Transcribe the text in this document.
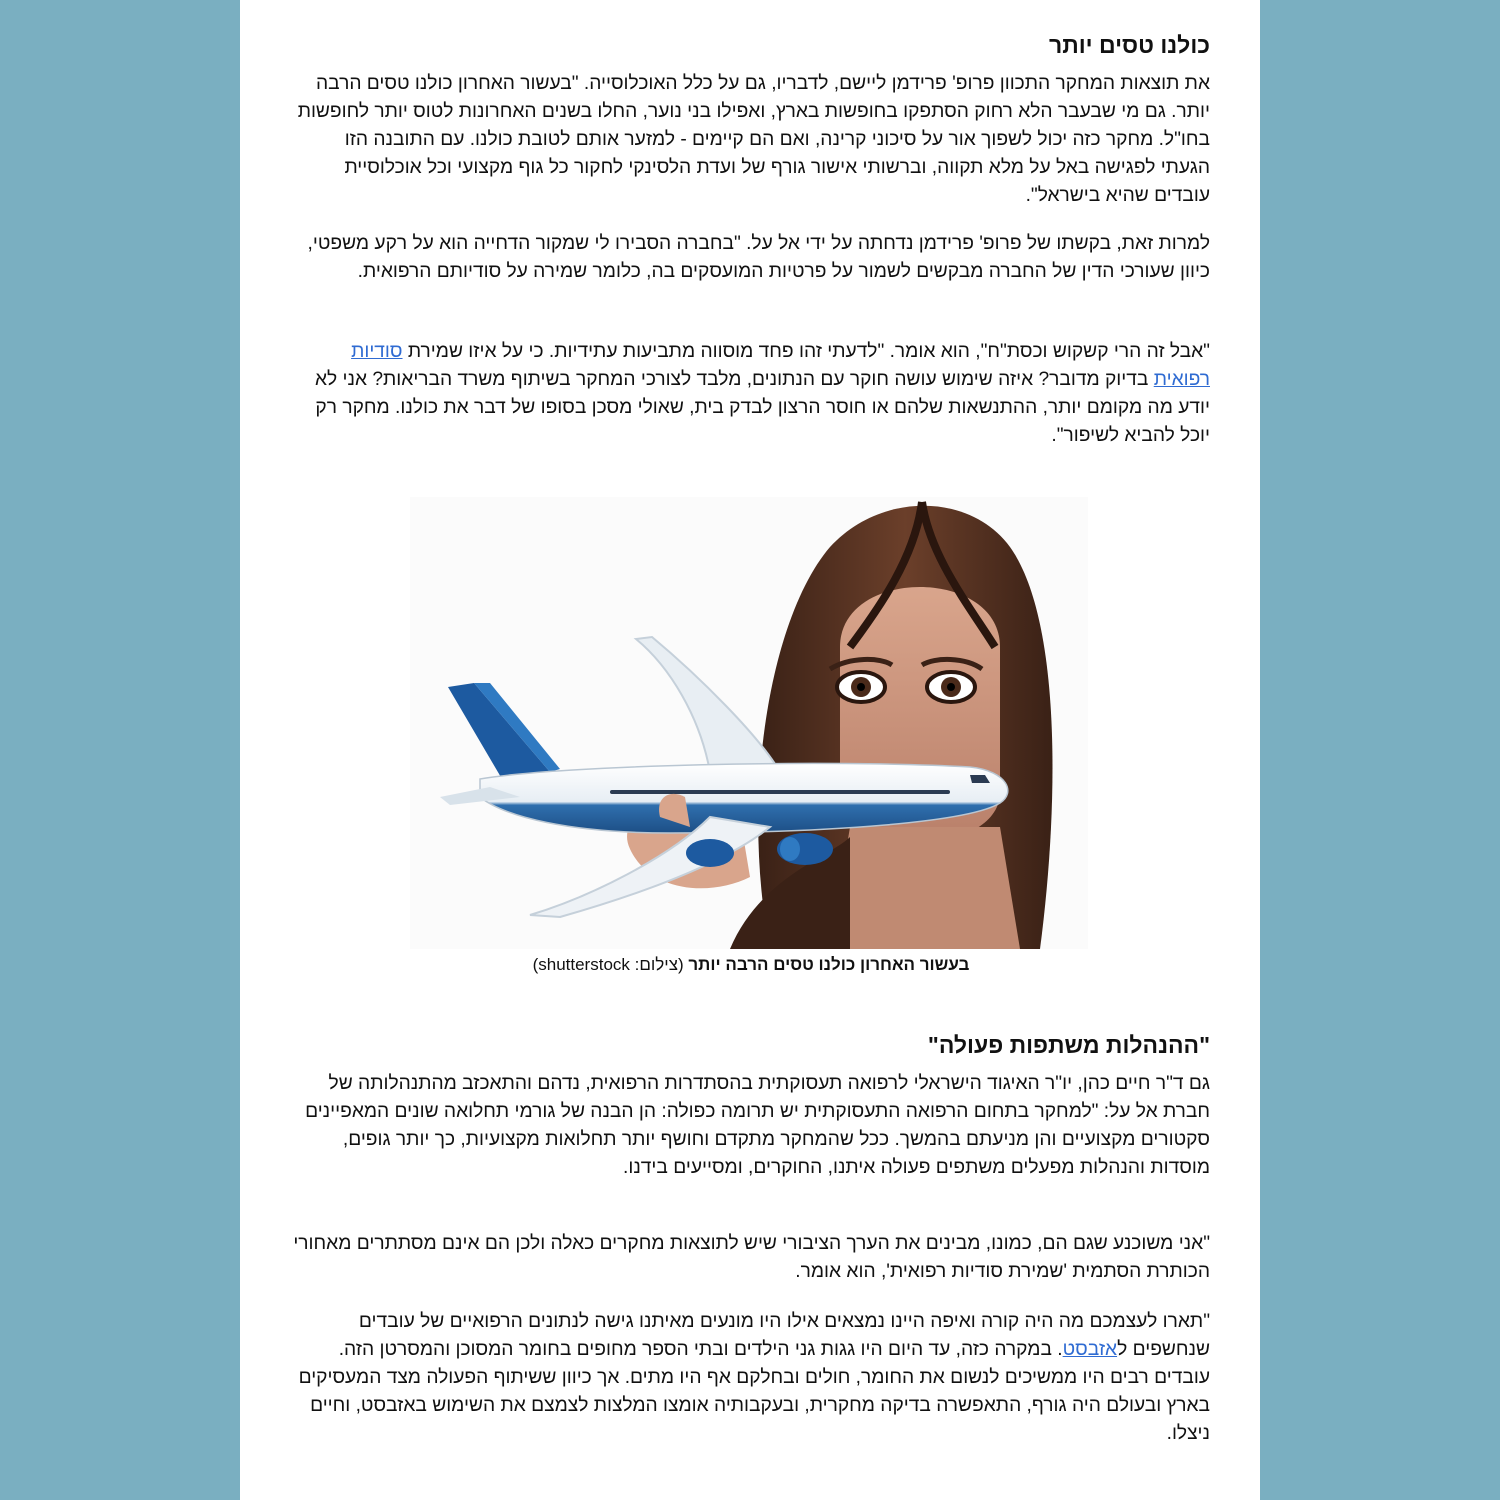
כולנו טסים יותר

את תוצאות המחקר התכוון פרופ' פרידמן ליישם, לדבריו, גם על כלל האוכלוסייה. "בעשור האחרון כולנו טסים הרבה יותר. גם מי שבעבר הלא רחוק הסתפקו בחופשות בארץ, ואפילו בני נוער, החלו בשנים האחרונות לטוס יותר לחופשות בחו"ל. מחקר כזה יכול לשפוך אור על סיכוני קרינה, ואם הם קיימים - למזער אותם לטובת כולנו. עם התובנה הזו הגעתי לפגישה באל על מלא תקווה, וברשותי אישור גורף של ועדת הלסינקי לחקור כל גוף מקצועי וכל אוכלוסיית עובדים שהיא בישראל".

למרות זאת, בקשתו של פרופ' פרידמן נדחתה על ידי אל על. "בחברה הסבירו לי שמקור הדחייה הוא על רקע משפטי, כיוון שעורכי הדין של החברה מבקשים לשמור על פרטיות המועסקים בה, כלומר שמירה על סודיותם הרפואית.

"אבל זה הרי קשקוש וכסת"ח", הוא אומר. "לדעתי זהו פחד מוסווה מתביעות עתידיות. כי על איזו שמירת סודיות רפואית בדיוק מדובר? איזה שימוש עושה חוקר עם הנתונים, מלבד לצורכי המחקר בשיתוף משרד הבריאות? אני לא יודע מה מקומם יותר, ההתנשאות שלהם או חוסר הרצון לבדק בית, שאולי מסכן בסופו של דבר את כולנו. מחקר רק יוכל להביא לשיפור".

בעשור האחרון כולנו טסים הרבה יותר (צילום: shutterstock)
"ההנהלות משתפות פעולה"

גם ד"ר חיים כהן, יו"ר האיגוד הישראלי לרפואה תעסוקתית בהסתדרות הרפואית, נדהם והתאכזב מהתנהלותה של חברת אל על: "למחקר בתחום הרפואה התעסוקתית יש תרומה כפולה: הן הבנה של גורמי תחלואה שונים המאפיינים סקטורים מקצועיים והן מניעתם בהמשך. ככל שהמחקר מתקדם וחושף יותר תחלואות מקצועיות, כך יותר גופים, מוסדות והנהלות מפעלים משתפים פעולה איתנו, החוקרים, ומסייעים בידנו.

"אני משוכנע שגם הם, כמונו, מבינים את הערך הציבורי שיש לתוצאות מחקרים כאלה ולכן הם אינם מסתתרים מאחורי הכותרת הסתמית 'שמירת סודיות רפואית', הוא אומר.

"תארו לעצמכם מה היה קורה ואיפה היינו נמצאים אילו היו מונעים מאיתנו גישה לנתונים הרפואיים של עובדים שנחשפים לאזבסט. במקרה כזה, עד היום היו גגות גני הילדים ובתי הספר מחופים בחומר המסוכן והמסרטן הזה. עובדים רבים היו ממשיכים לנשום את החומר, חולים ובחלקם אף היו מתים. אך כיוון ששיתוף הפעולה מצד המעסיקים בארץ ובעולם היה גורף, התאפשרה בדיקה מחקרית, ובעקבותיה אומצו המלצות לצמצם את השימוש באזבסט, וחיים ניצלו.
